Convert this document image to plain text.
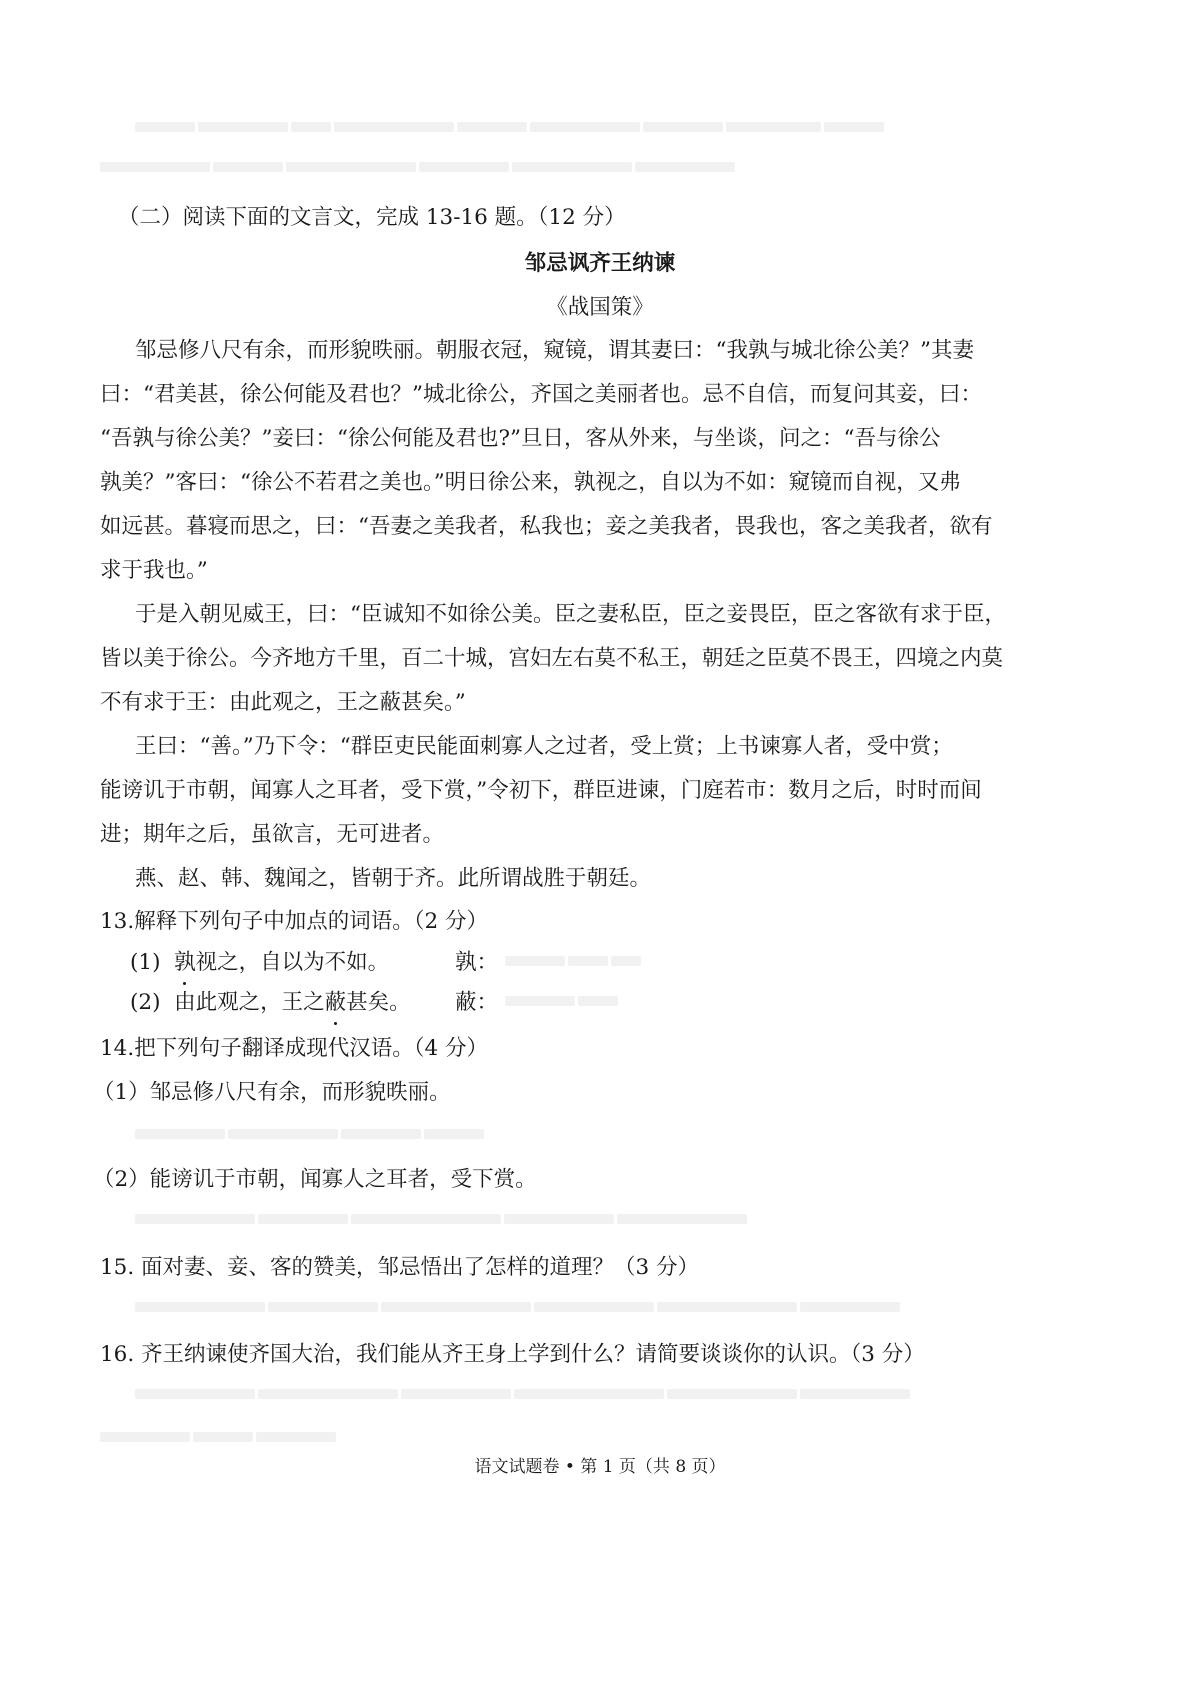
（二）阅读下面的文言文，完成 13-16 题。（12 分）
邹忌讽齐王纳谏
《战国策》
邹忌修八尺有余，而形貌昳丽。朝服衣冠，窥镜，谓其妻曰：“我孰与城北徐公美？”其妻
曰：“君美甚，徐公何能及君也？”城北徐公，齐国之美丽者也。忌不自信，而复问其妾，曰：
“吾孰与徐公美？”妾曰：“徐公何能及君也?”旦日，客从外来，与坐谈，问之：“吾与徐公
孰美？”客曰：“徐公不若君之美也。”明日徐公来，孰视之，自以为不如：窥镜而自视，又弗
如远甚。暮寝而思之，曰：“吾妻之美我者，私我也；妾之美我者，畏我也，客之美我者，欲有
求于我也。”
于是入朝见威王，曰：“臣诚知不如徐公美。臣之妻私臣，臣之妾畏臣，臣之客欲有求于臣，
皆以美于徐公。今齐地方千里，百二十城，宫妇左右莫不私王，朝廷之臣莫不畏王，四境之内莫
不有求于王：由此观之，王之蔽甚矣。”
王曰：“善。”乃下令：“群臣吏民能面刺寡人之过者，受上赏；上书谏寡人者，受中赏；
能谤讥于市朝，闻寡人之耳者，受下赏，”令初下，群臣进谏，门庭若市：数月之后，时时而间
进；期年之后，虽欲言，无可进者。
燕、赵、韩、魏闻之，皆朝于齐。此所谓战胜于朝廷。
13.解释下列句子中加点的词语。（2 分）
(1) 孰视之，自以为不如。	孰：
(2) 由此观之，王之蔽甚矣。 蔽：
14.把下列句子翻译成现代汉语。（4 分）
（1）邹忌修八尺有余，而形貌昳丽。
（2）能谤讥于市朝，闻寡人之耳者，受下赏。
15. 面对妻、妾、客的赞美，邹忌悟出了怎样的道理？（3 分）
16. 齐王纳谏使齐国大治，我们能从齐王身上学到什么？请简要谈谈你的认识。（3 分）
语文试题卷 • 第 1 页（共 8 页）
